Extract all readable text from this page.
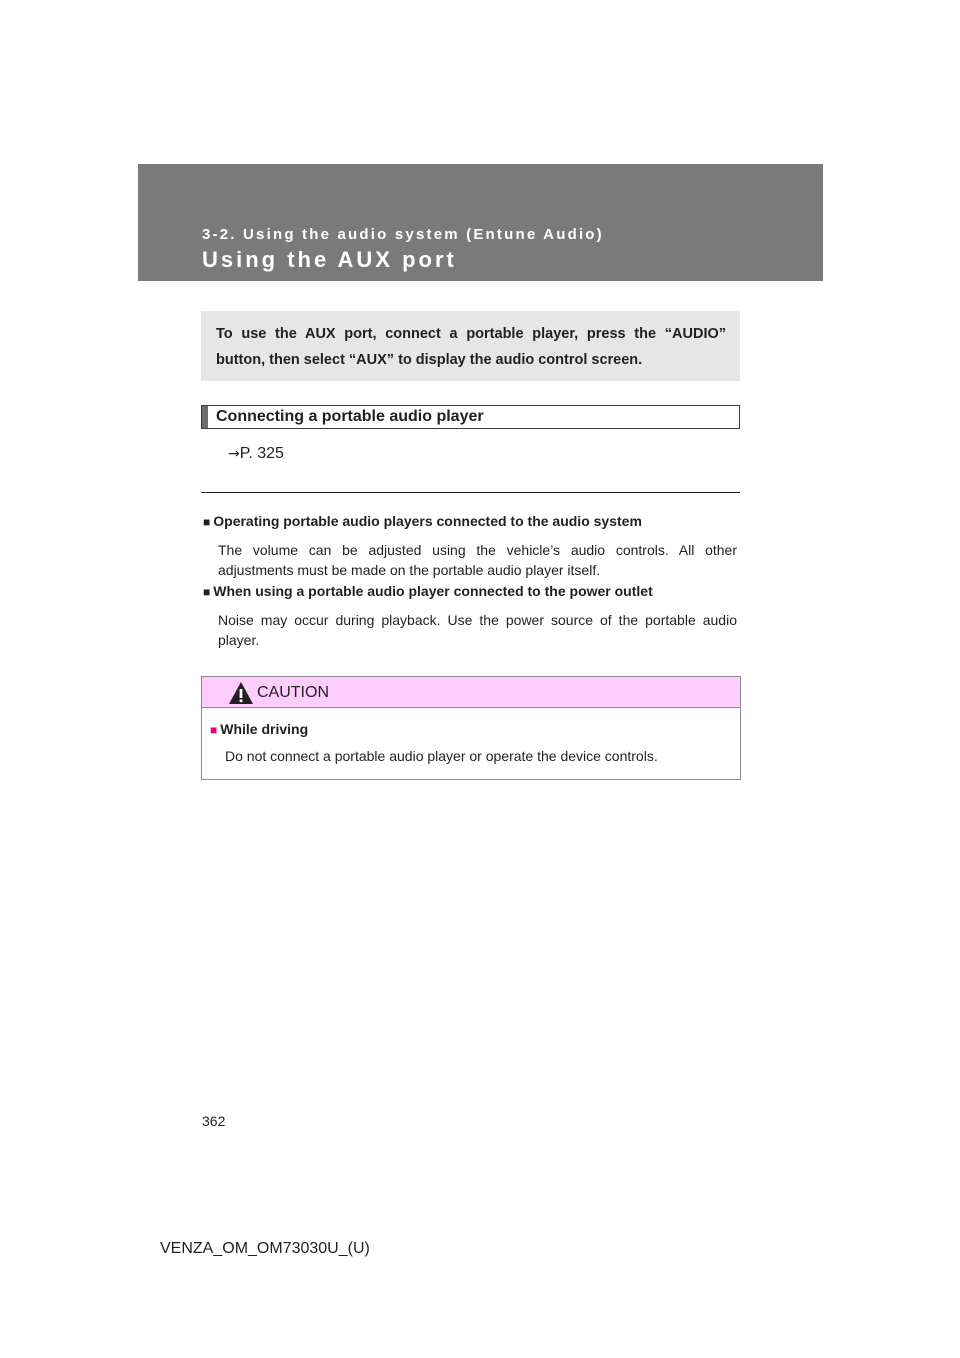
3-2. Using the audio system (Entune Audio)
Using the AUX port
To use the AUX port, connect a portable player, press the “AUDIO” button, then select “AUX” to display the audio control screen.
Connecting a portable audio player
→P. 325
■ Operating portable audio players connected to the audio system
The volume can be adjusted using the vehicle’s audio controls. All other adjustments must be made on the portable audio player itself.
■ When using a portable audio player connected to the power outlet
Noise may occur during playback. Use the power source of the portable audio player.
CAUTION
■ While driving
Do not connect a portable audio player or operate the device controls.
362
VENZA_OM_OM73030U_(U)
